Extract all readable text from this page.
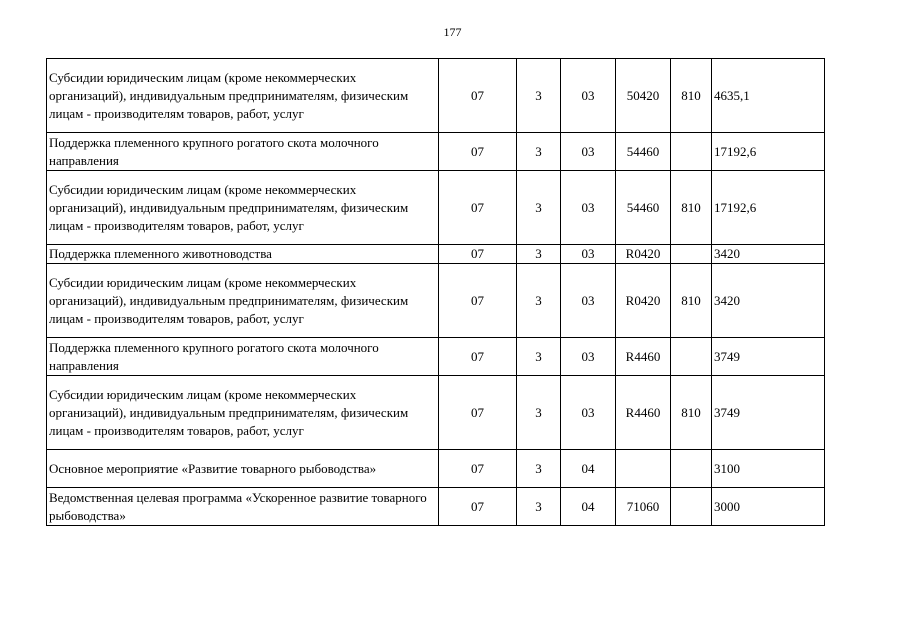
177
Субсидии юридическим лицам (кроме некоммерческих организаций), индивидуальным предпринимателям, физическим лицам - производителям товаров, работ, услуг	07	3	03	50420	810	4635,1
Поддержка племенного крупного рогатого скота молочного направления	07	3	03	54460		17192,6
Субсидии юридическим лицам (кроме некоммерческих организаций), индивидуальным предпринимателям, физическим лицам - производителям товаров, работ, услуг	07	3	03	54460	810	17192,6
Поддержка племенного животноводства	07	3	03	R0420		3420
Субсидии юридическим лицам (кроме некоммерческих организаций), индивидуальным предпринимателям, физическим лицам - производителям товаров, работ, услуг	07	3	03	R0420	810	3420
Поддержка племенного крупного рогатого скота молочного направления	07	3	03	R4460		3749
Субсидии юридическим лицам (кроме некоммерческих организаций), индивидуальным предпринимателям, физическим лицам - производителям товаров, работ, услуг	07	3	03	R4460	810	3749
Основное мероприятие «Развитие товарного рыбоводства»	07	3	04			3100
Ведомственная целевая программа «Ускоренное развитие товарного рыбоводства»	07	3	04	71060		3000
